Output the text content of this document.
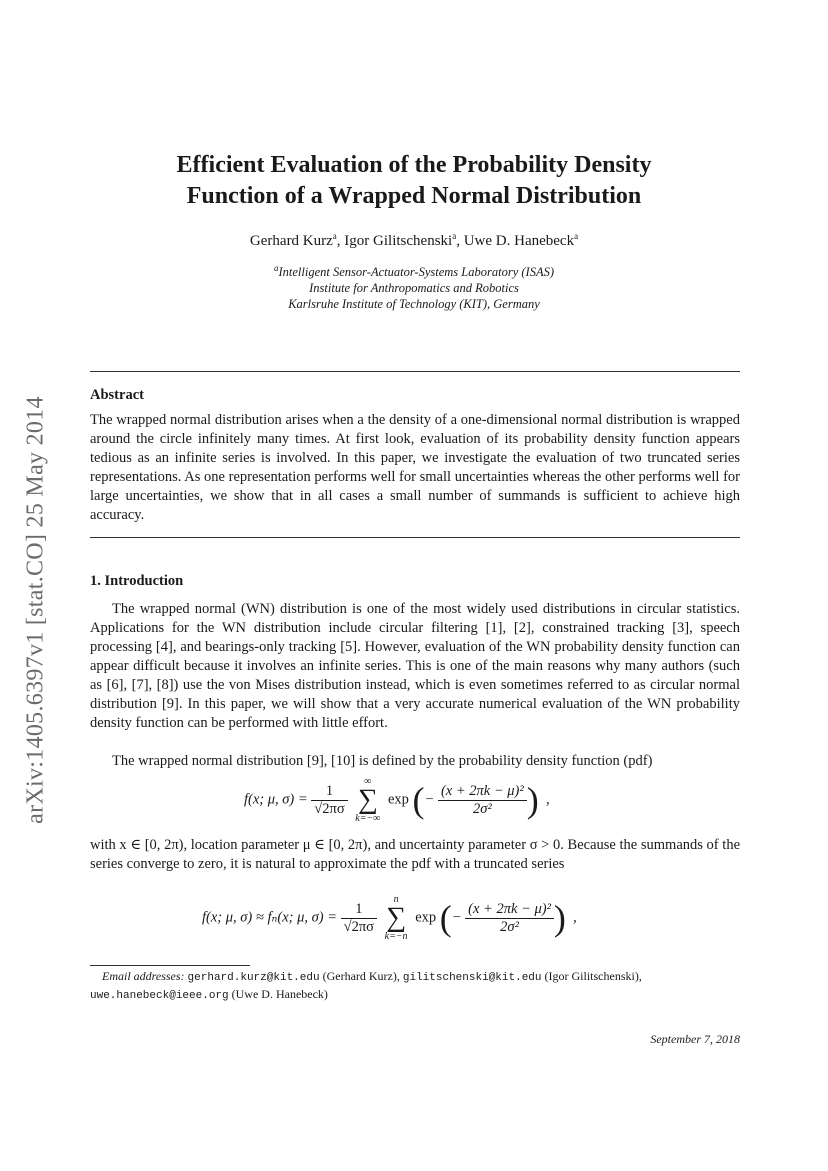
arXiv:1405.6397v1 [stat.CO] 25 May 2014
Efficient Evaluation of the Probability Density
Function of a Wrapped Normal Distribution
Gerhard Kurz$^a$, Igor Gilitschenski$^a$, Uwe D. Hanebeck$^a$
$^a$Intelligent Sensor-Actuator-Systems Laboratory (ISAS)
Institute for Anthropomatics and Robotics
Karlsruhe Institute of Technology (KIT), Germany
Abstract

The wrapped normal distribution arises when a the density of a one-dimensional normal distribution is wrapped around the circle infinitely many times. At first look, evaluation of its probability density function appears tedious as an infinite series is involved. In this paper, we investigate the evaluation of two truncated series representations. As one representation performs well for small uncertainties whereas the other performs well for large uncertainties, we show that in all cases a small number of summands is sufficient to achieve high accuracy.

1. Introduction

The wrapped normal (WN) distribution is one of the most widely used distributions in circular statistics. Applications for the WN distribution include circular filtering [1], [2], constrained tracking [3], speech processing [4], and bearings-only tracking [5]. However, evaluation of the WN probability density function can appear difficult because it involves an infinite series. This is one of the main reasons why many authors (such as [6], [7], [8]) use the von Mises distribution instead, which is even sometimes referred to as circular normal distribution [9]. In this paper, we will show that a very accurate numerical evaluation of the WN probability density function can be performed with little effort.

The wrapped normal distribution [9], [10] is defined by the probability density function (pdf)

f(x; μ, $\sigma) = \frac{1}{√2\pi\sigma}$

∞
∑
k=−∞
exp (− $\frac{\text{(x + 2πk − μ)²}}{\text{2σ²}}$ ) ,

with x ∈ [0, 2π), location parameter μ ∈ [0, 2π), and uncertainty parameter σ > 0. Because the summands of the series converge to zero, it is natural to approximate the pdf with a truncated series

f(x; μ, σ) ≈ fₙ(x; μ, $\sigma) = \frac{1}{√2\pi\sigma}$

n
∑
k=−n
exp (− $\frac{\text{(x + 2πk − μ)²}}{\text{2σ²}}$ ) ,
Email addresses: gerhard.kurz@kit.edu (Gerhard Kurz), gilitschenski@kit.edu (Igor Gilitschenski), uwe.hanebeck@ieee.org (Uwe D. Hanebeck)
September 7, 2018
